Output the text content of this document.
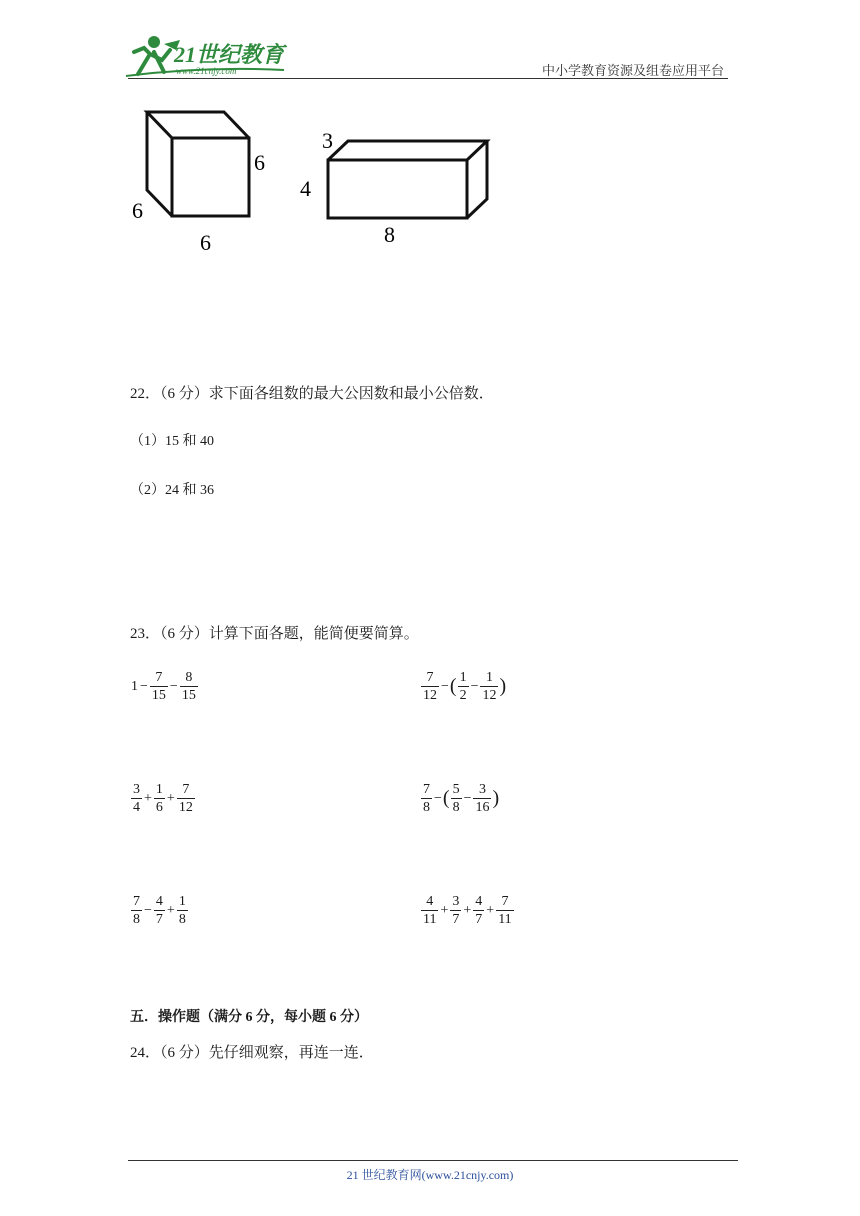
21世纪教育
www.21cnjy.com	中小学教育资源及组卷应用平台
6
6
6
3
4
8
22．（6 分）求下面各组数的最大公因数和最小公倍数．
（1）15 和 40
（2）24 和 36
23．（6 分）计算下面各题，能简便要简算。
$1 - \frac{7}{15} - \frac{8}{15}$	$\frac{7}{12}$ − ( $\frac{1}{2} - \frac{1}{12}$ )
$\frac{3}{4} + \frac{1}{6} + \frac{7}{12}$	$\frac{7}{8}$ − ( $\frac{5}{8} - \frac{3}{16}$ )
$\frac{7}{8} - \frac{4}{7} + \frac{1}{8}$	$\frac{4}{11} + \frac{3}{7} + \frac{4}{7} + \frac{7}{11}$
五．操作题（满分 6 分，每小题 6 分）
24．（6 分）先仔细观察，再连一连．
21 世纪教育网(www.21cnjy.com)
